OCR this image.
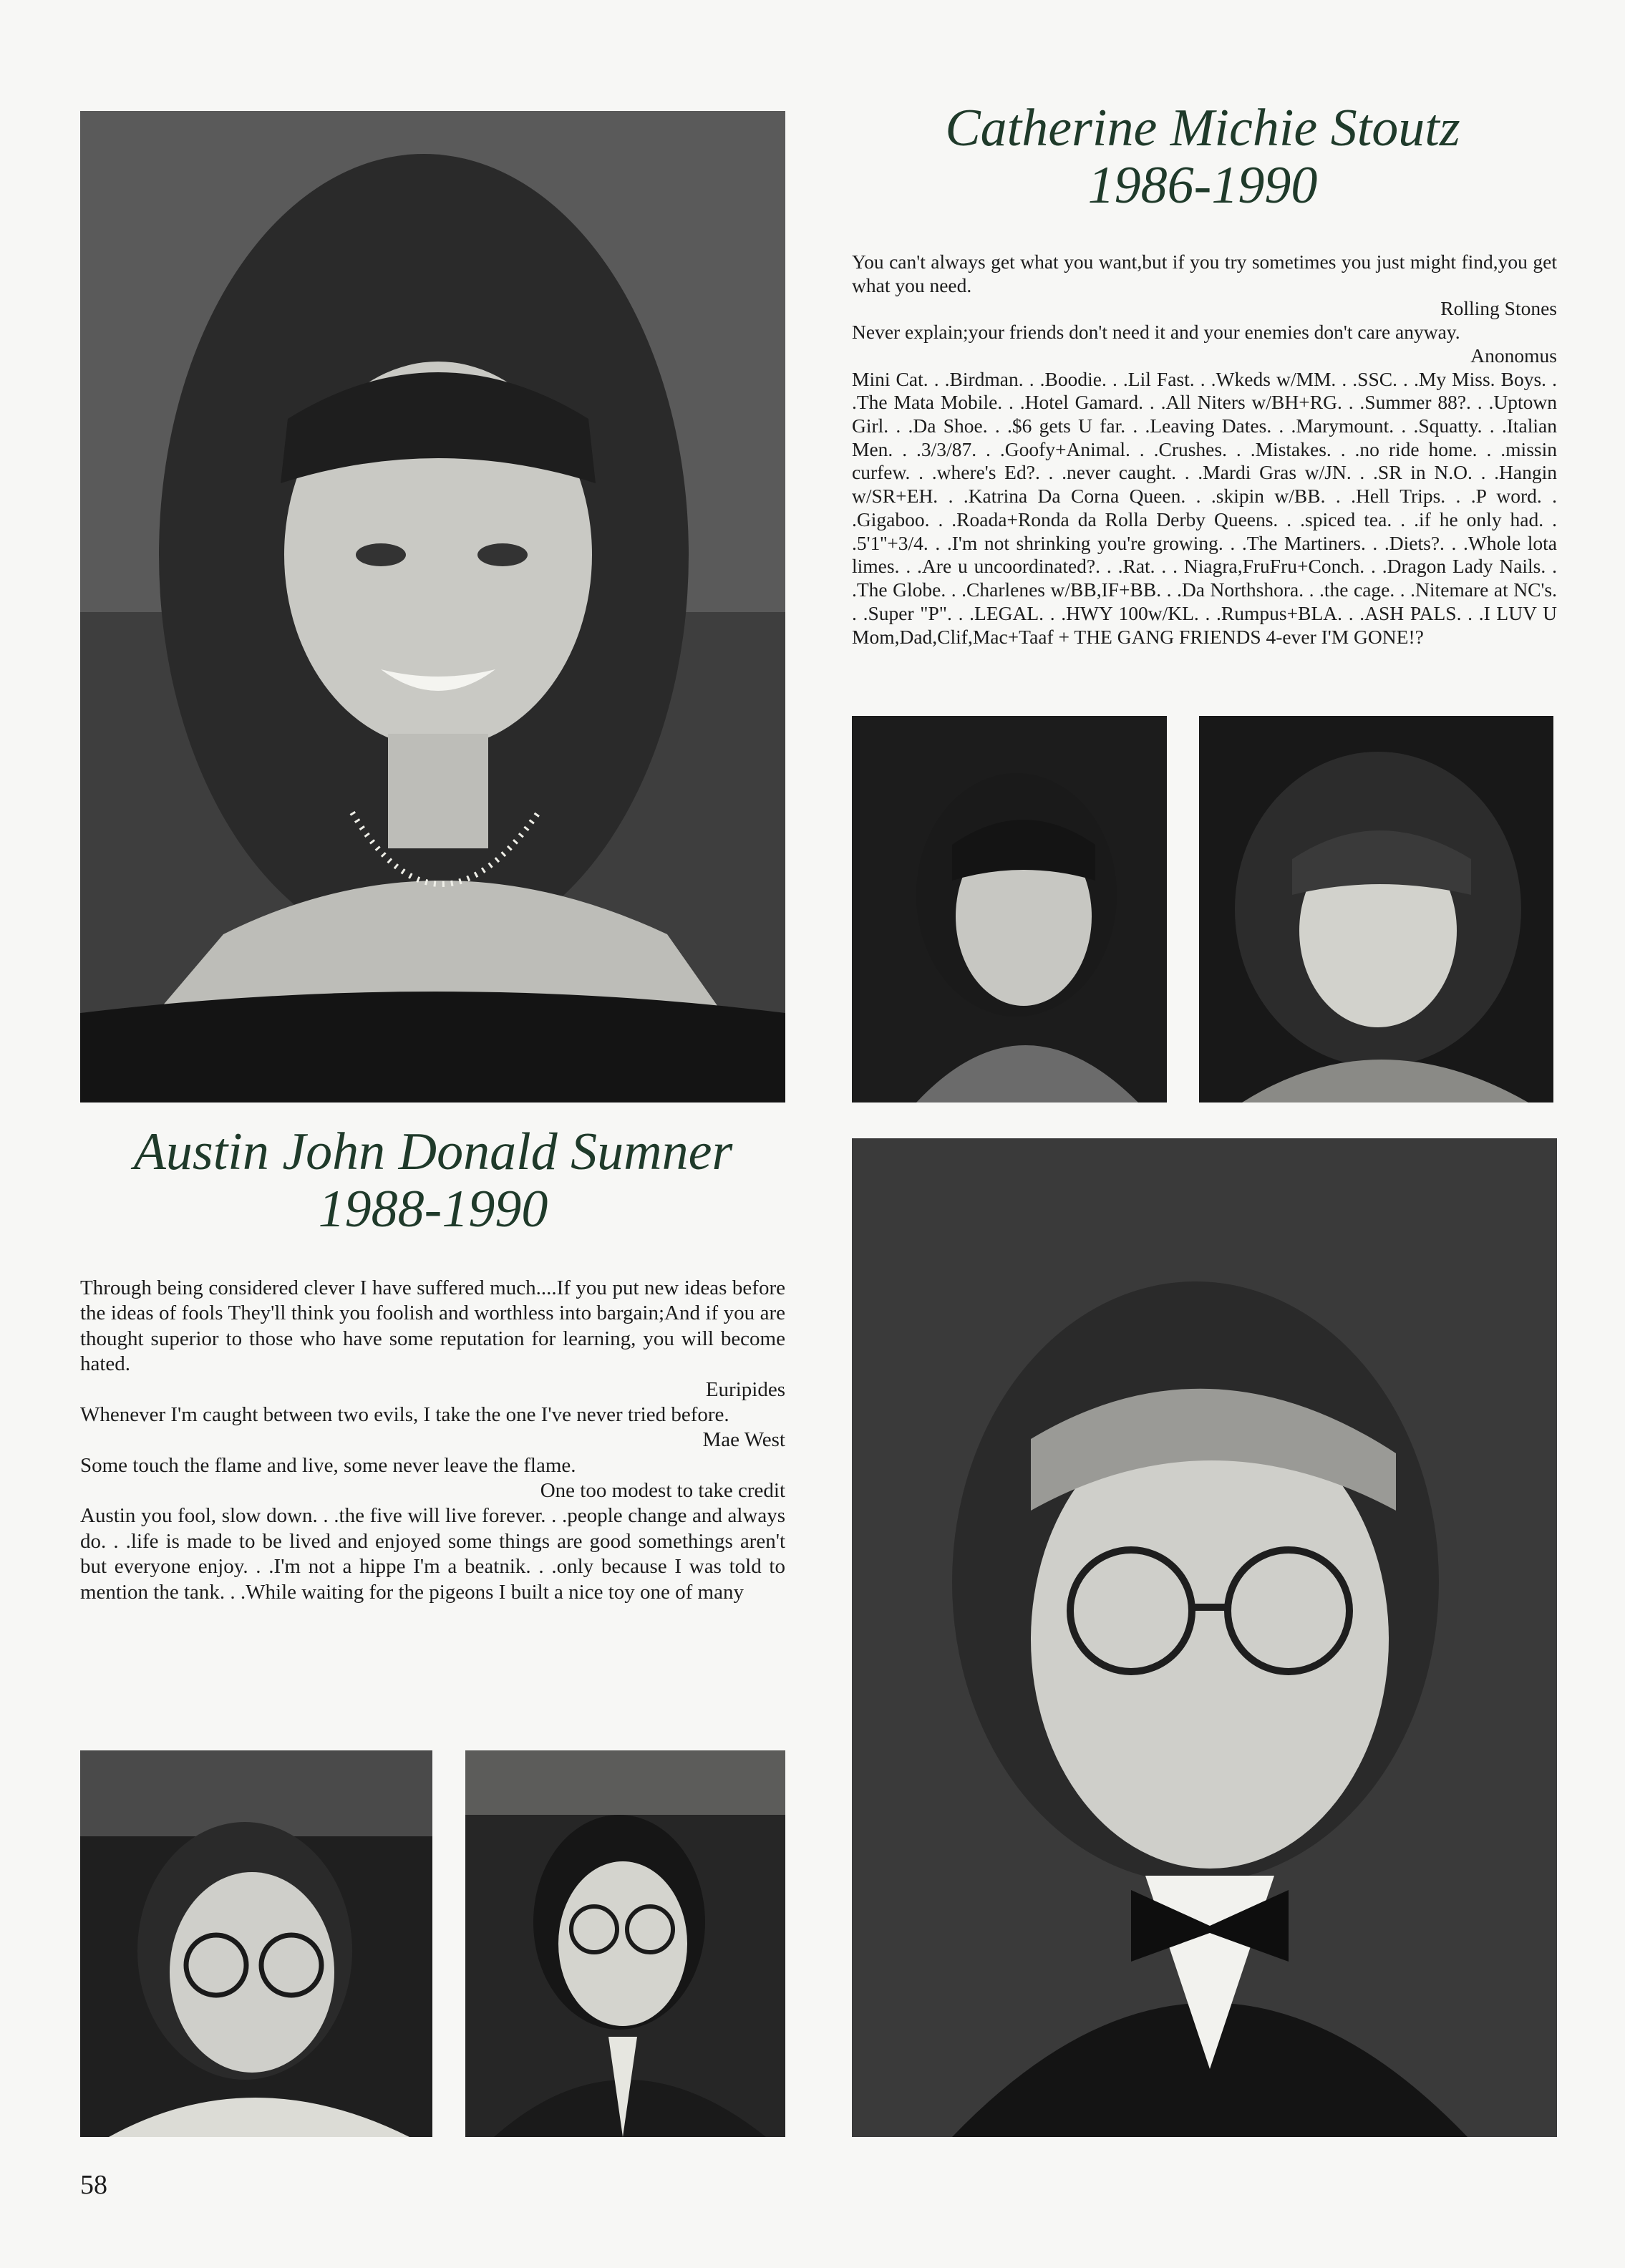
Catherine Michie Stoutz
1986-1990

You can't always get what you want,but if you try sometimes you just might find,you get what you need.

Rolling Stones

Never explain;your friends don't need it and your enemies don't care anyway.

Anonomus

Mini Cat. . .Birdman. . .Boodie. . .Lil Fast. . .Wkeds w/MM. . .SSC. . .My Miss. Boys. . .The Mata Mobile. . .Hotel Gamard. . .All Niters w/BH+RG. . .Summer 88?. . .Uptown Girl. . .Da Shoe. . .$6 gets U far. . .Leaving Dates. . .Marymount. . .Squatty. . .Italian Men. . .3/3/87. . .Goofy+Animal. . .Crushes. . .Mistakes. . .no ride home. . .missin curfew. . .where's Ed?. . .never caught. . .Mardi Gras w/JN. . .SR in N.O. . .Hangin w/SR+EH. . .Katrina Da Corna Queen. . .skipin w/BB. . .Hell Trips. . .P word. . .Gigaboo. . .Roada+Ronda da Rolla Derby Queens. . .spiced tea. . .if he only had. . .5'1''+3/4. . .I'm not shrinking you're growing. . .The Martiners. . .Diets?. . .Whole lota limes. . .Are u uncoordinated?. . .Rat. . . Niagra,FruFru+Conch. . .Dragon Lady Nails. . .The Globe. . .Charlenes w/BB,IF+BB. . .Da Northshora. . .the cage. . .Nitemare at NC's. . .Super "P". . .LEGAL. . .HWY 100w/KL. . .Rumpus+BLA. . .ASH PALS. . .I LUV U Mom,Dad,Clif,Mac+Taaf + THE GANG FRIENDS 4-ever I'M GONE!?

Austin John Donald Sumner
1988-1990

Through being considered clever I have suffered much....If you put new ideas before the ideas of fools They'll think you foolish and worthless into bargain;And if you are thought superior to those who have some reputation for learning, you will become hated.

Euripides

Whenever I'm caught between two evils, I take the one I've never tried before.

Mae West

Some touch the flame and live, some never leave the flame.

One too modest to take credit

Austin you fool, slow down. . .the five will live forever. . .people change and always do. . .life is made to be lived and enjoyed some things are good somethings aren't but everyone enjoy. . .I'm not a hippe I'm a beatnik. . .only because I was told to mention the tank. . .While waiting for the pigeons I built a nice toy one of many

58
